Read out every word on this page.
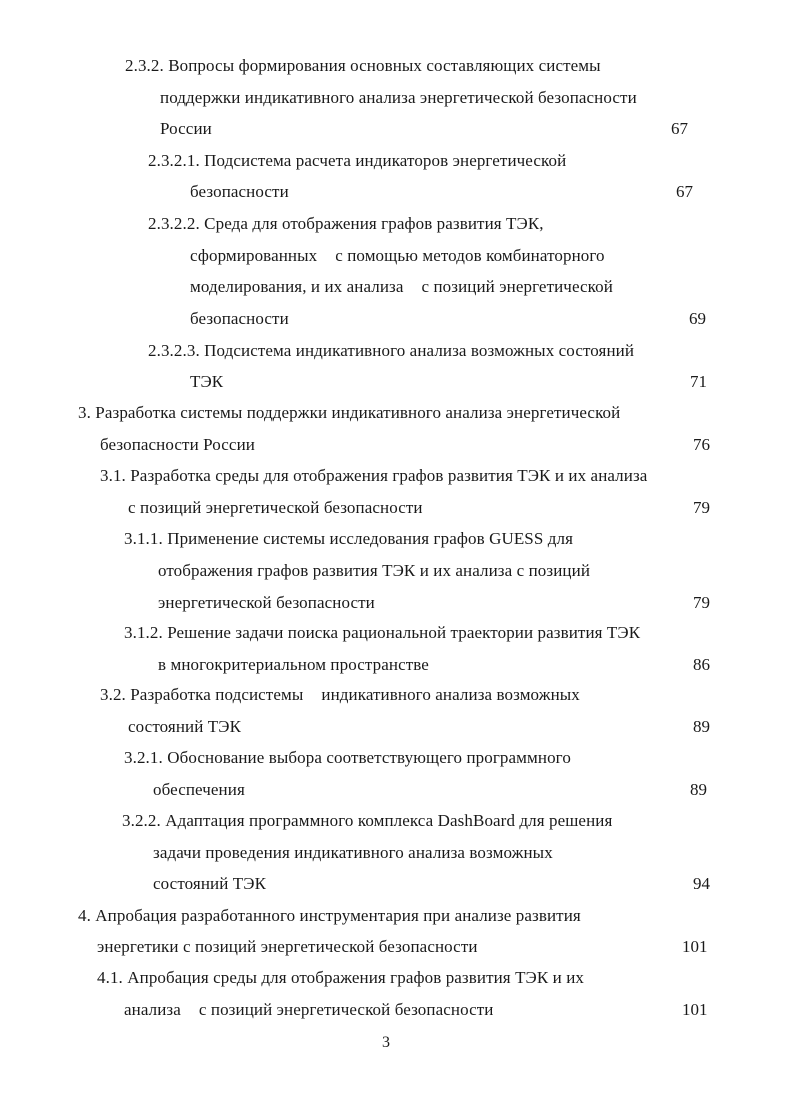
2.3.2. Вопросы формирования основных составляющих системы
поддержки индикативного анализа энергетической безопасности
России	67
2.3.2.1. Подсистема расчета индикаторов энергетической
безопасности	67
2.3.2.2. Среда для отображения графов развития ТЭК,
сформированных с помощью методов комбинаторного
моделирования, и их анализа с позиций энергетической
безопасности	69
2.3.2.3. Подсистема индикативного анализа возможных состояний
ТЭК	71
3. Разработка системы поддержки индикативного анализа энергетической
безопасности России	76
3.1. Разработка среды для отображения графов развития ТЭК и их анализа
с позиций энергетической безопасности	79
3.1.1. Применение системы исследования графов GUESS для
отображения графов развития ТЭК и их анализа с позиций
энергетической безопасности	79
3.1.2. Решение задачи поиска рациональной траектории развития ТЭК
в многокритериальном пространстве	86
3.2. Разработка подсистемы индикативного анализа возможных
состояний ТЭК	89
3.2.1. Обоснование выбора соответствующего программного
обеспечения	89
3.2.2. Адаптация программного комплекса DashBoard для решения
задачи проведения индикативного анализа возможных
состояний ТЭК	94
4. Апробация разработанного инструментария при анализе развития
энергетики с позиций энергетической безопасности	101
4.1. Апробация среды для отображения графов развития ТЭК и их
анализа с позиций энергетической безопасности	101
3
